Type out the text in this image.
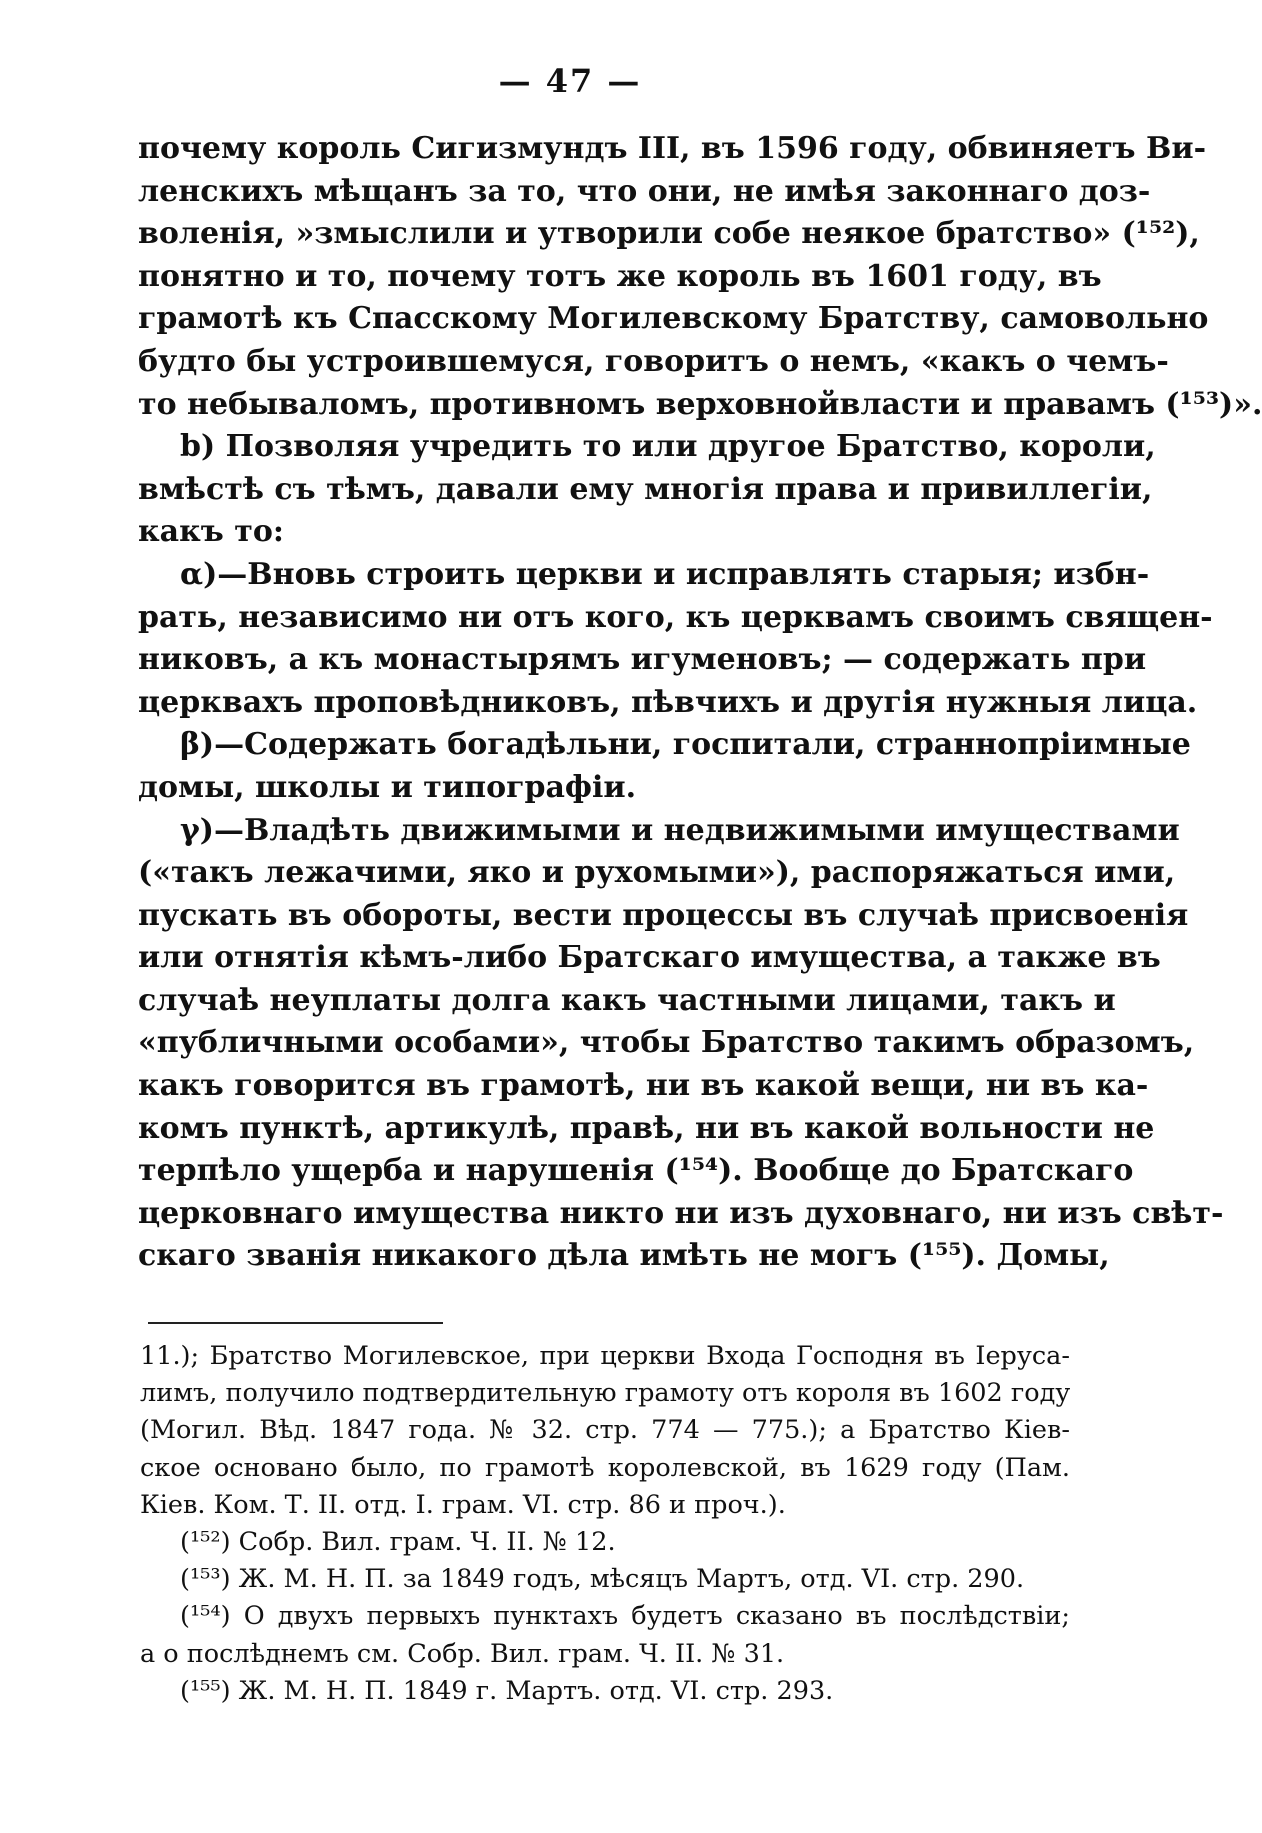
— 47 —
почему король Сигизмундъ III, въ 1596 году, обвиняетъ Ви-
ленскихъ мѣщанъ за то, что они, не имѣя законнаго доз-
воленія, »змыслили и утворили собе неякое братство» (¹⁵²),
понятно и то, почему тотъ же король въ 1601 году, въ
грамотѣ къ Спасскому Могилевскому Братству, самовольно
будто бы устроившемуся, говоритъ о немъ, «какъ о чемъ-
то небываломъ, противномъ верховнойвласти и правамъ (¹⁵³)».
b) Позволяя учредить то или другое Братство, короли,
вмѣстѣ съ тѣмъ, давали ему многія права и привиллегіи,
какъ то:
α)—Вновь строить церкви и исправлять старыя; избн-
рать, независимо ни отъ кого, къ церквамъ своимъ священ-
никовъ, а къ монастырямъ игуменовъ; — содержать при
церквахъ проповѣдниковъ, пѣвчихъ и другія нужныя лица.
β)—Содержать богадѣльни, госпитали, страннопріимные
домы, школы и типографіи.
γ)—Владѣть движимыми и недвижимыми имуществами
(«такъ лежачими, яко и рухомыми»), распоряжаться ими,
пускать въ обороты, вести процессы въ случаѣ присвоенія
или отнятія кѣмъ-либо Братскаго имущества, а также въ
случаѣ неуплаты долга какъ частными лицами, такъ и
«публичными особами», чтобы Братство такимъ образомъ,
какъ говорится въ грамотѣ, ни въ какой вещи, ни въ ка-
комъ пунктѣ, артикулѣ, правѣ, ни въ какой вольности не
терпѣло ущерба и нарушенія (¹⁵⁴). Вообще до Братскаго
церковнаго имущества никто ни изъ духовнаго, ни изъ свѣт-
скаго званія никакого дѣла имѣть не могъ (¹⁵⁵). Домы,
11.); Братство Могилевское, при церкви Входа Господня въ Іеруса-
лимъ, получило подтвердительную грамоту отъ короля въ 1602 году
(Могил. Вѣд. 1847 года. № 32. стр. 774 — 775.); а Братство Кіев-
ское основано было, по грамотѣ королевской, въ 1629 году (Пам.
Кіев. Ком. Т. II. отд. I. грам. VI. стр. 86 и проч.).
(¹⁵²) Собр. Вил. грам. Ч. II. № 12.
(¹⁵³) Ж. М. Н. П. за 1849 годъ, мѣсяцъ Мартъ, отд. VI. стр. 290.
(¹⁵⁴) О двухъ первыхъ пунктахъ будетъ сказано въ послѣдствіи;
а о послѣднемъ см. Собр. Вил. грам. Ч. II. № 31.
(¹⁵⁵) Ж. М. Н. П. 1849 г. Мартъ. отд. VI. стр. 293.
